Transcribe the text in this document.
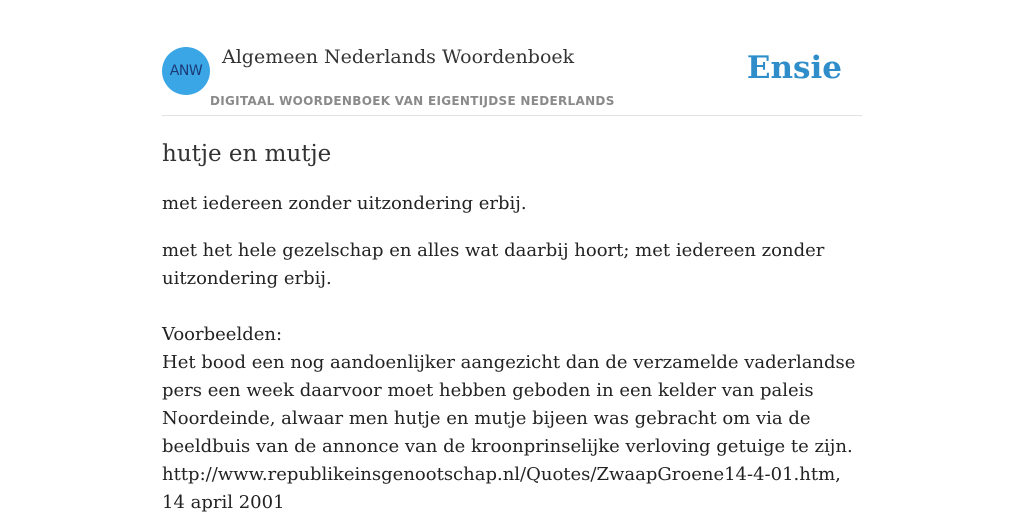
ANW
Algemeen Nederlands Woordenboek
DIGITAAL WOORDENBOEK VAN EIGENTIJDSE NEDERLANDS
Ensie
hutje en mutje

met iedereen zonder uitzondering erbij.

met het hele gezelschap en alles wat daarbij hoort; met iedereen zonder uitzondering erbij.

Voorbeelden:
Het bood een nog aandoenlijker aangezicht dan de verzamelde vaderlandse pers een week daarvoor moet hebben geboden in een kelder van paleis Noordeinde, alwaar men hutje en mutje bijeen was gebracht om via de beeldbuis van de annonce van de kroonprinselijke verloving getuige te zijn.
http://www.republikeinsgenootschap.nl/Quotes/ZwaapGroene14-4-01.htm, 14 april 2001
